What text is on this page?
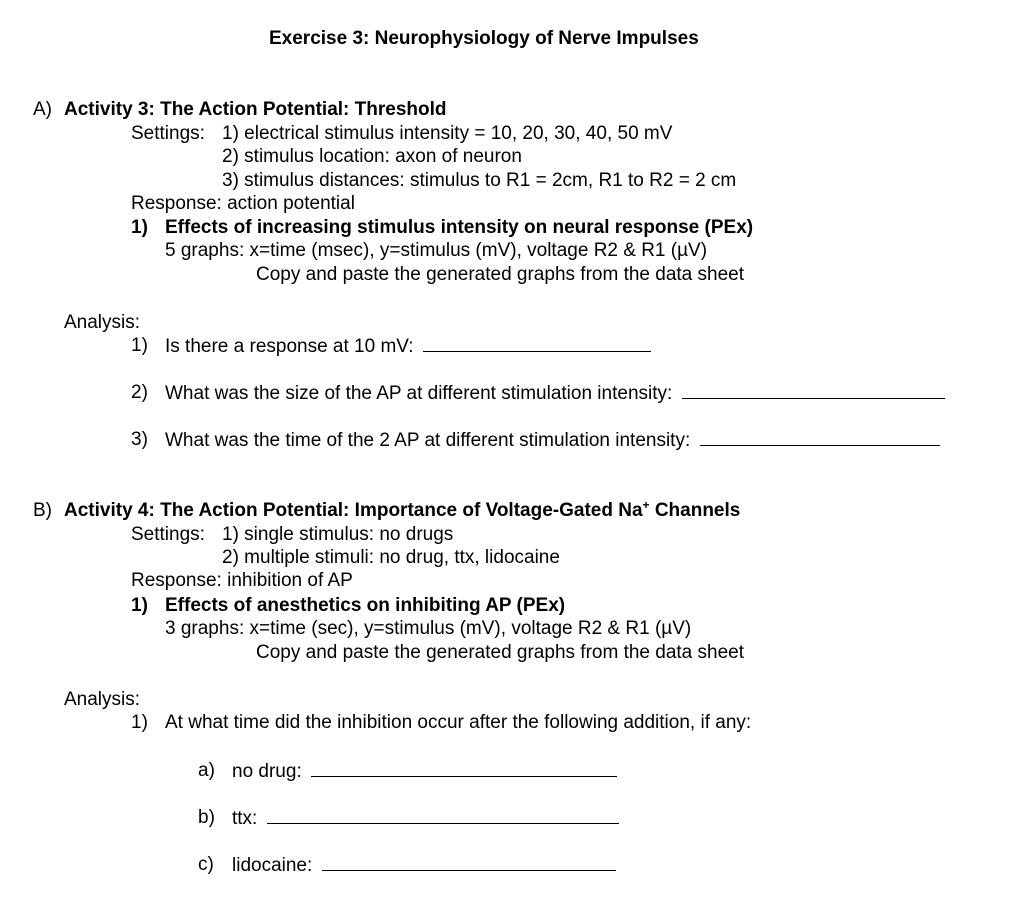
Exercise 3: Neurophysiology of Nerve Impulses
A) Activity 3: The Action Potential: Threshold
Settings: 1) electrical stimulus intensity = 10, 20, 30, 40, 50 mV
2) stimulus location: axon of neuron
3) stimulus distances: stimulus to R1 = 2cm, R1 to R2 = 2 cm
Response: action potential
1) Effects of increasing stimulus intensity on neural response (PEx)
5 graphs: x=time (msec), y=stimulus (mV), voltage R2 & R1 (µV)
Copy and paste the generated graphs from the data sheet
Analysis:
1) Is there a response at 10 mV:
2) What was the size of the AP at different stimulation intensity:
3) What was the time of the 2 AP at different stimulation intensity:
B) Activity 4: The Action Potential: Importance of Voltage-Gated Na+ Channels
Settings: 1) single stimulus: no drugs
2) multiple stimuli: no drug, ttx, lidocaine
Response: inhibition of AP
1) Effects of anesthetics on inhibiting AP (PEx)
3 graphs: x=time (sec), y=stimulus (mV), voltage R2 & R1 (µV)
Copy and paste the generated graphs from the data sheet
Analysis:
1) At what time did the inhibition occur after the following addition, if any:
a) no drug:
b) ttx:
c) lidocaine:
